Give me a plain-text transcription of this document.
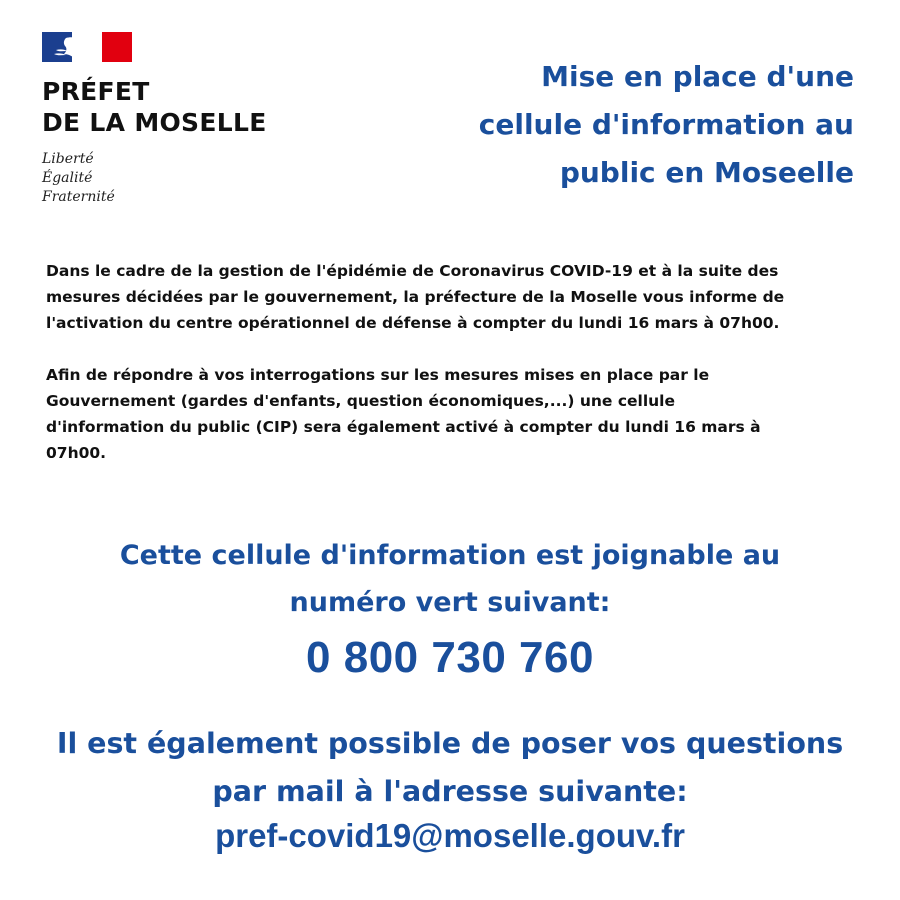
PRÉFET
DE LA MOSELLE
Liberté
Égalité
Fraternité
Mise en place d'une
cellule d'information au
public en Moseelle
Dans le cadre de la gestion de l'épidémie de Coronavirus COVID-19 et à la suite des
mesures décidées par le gouvernement, la préfecture de la Moselle vous informe de
l'activation du centre opérationnel de défense à compter du lundi 16 mars à 07h00.
Afin de répondre à vos interrogations sur les mesures mises en place par le
Gouvernement (gardes d'enfants, question économiques,...) une cellule
d'information du public (CIP) sera également activé à compter du lundi 16 mars à
07h00.
Cette cellule d'information est joignable au
numéro vert suivant:
0 800 730 760
Il est également possible de poser vos questions
par mail à l'adresse suivante:
pref-covid19@moselle.gouv.fr
